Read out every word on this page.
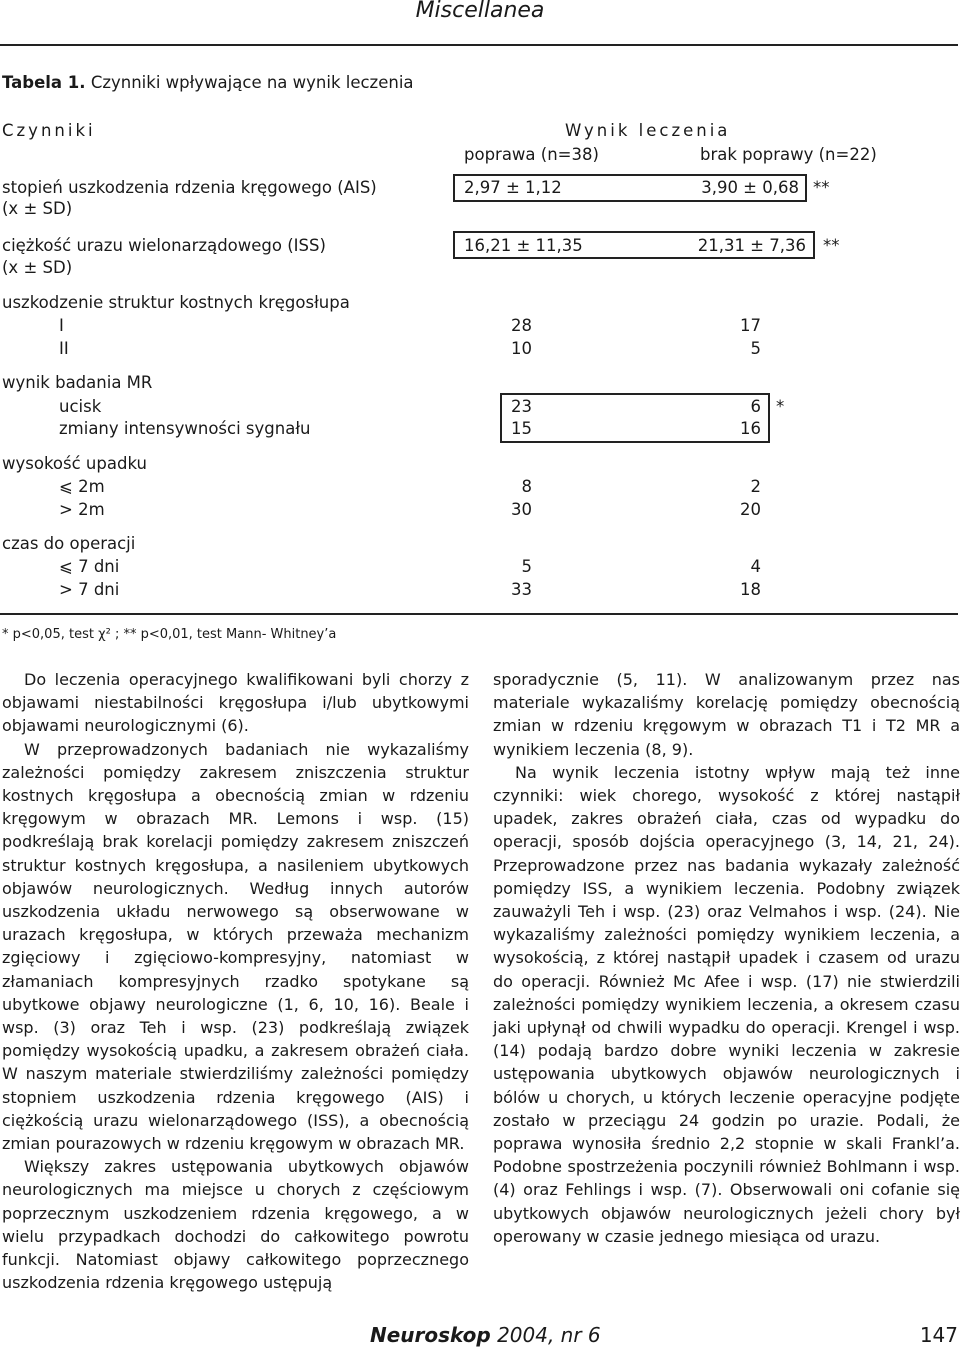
Miscellanea
Tabela 1. Czynniki wpływające na wynik leczenia
Czynniki	Wynik leczenia
poprawa (n=38)	brak poprawy (n=22)
stopień uszkodzenia rdzenia kręgowego (AIS)
(x ± SD)
2,97 ± 1,12	3,90 ± 0,68 **
ciężkość urazu wielonarządowego (ISS)
(x ± SD)
16,21 ± 11,35	21,31 ± 7,36 **
uszkodzenie struktur kostnych kręgosłupa
I	28	17
II	10	5
wynik badania MR
ucisk	23	6 *
zmiany intensywności sygnału	15	16
wysokość upadku
⩽ 2m	8	2
> 2m	30	20
czas do operacji
⩽ 7 dni	5	4
> 7 dni	33	18
* p<0,05, test χ² ; ** p<0,01, test Mann- Whitney’a

Do leczenia operacyjnego kwalifikowani byli chorzy z objawami niestabilności kręgosłupa i/lub ubytkowymi objawami neurologicznymi (6).

W przeprowadzonych badaniach nie wykazaliśmy zależności pomiędzy zakresem zniszczenia struktur kostnych kręgosłupa a obecnością zmian w rdzeniu kręgowym w obrazach MR. Lemons i wsp. (15) podkreślają brak korelacji pomiędzy zakresem zniszczeń struktur kostnych kręgosłupa, a nasileniem ubytkowych objawów neurologicznych. Według innych autorów uszkodzenia układu nerwowego są obserwowane w urazach kręgosłupa, w których przeważa mechanizm zgięciowy i zgięciowo-kompresyjny, natomiast w złamaniach kompresyjnych rzadko spotykane są ubytkowe objawy neurologiczne (1, 6, 10, 16). Beale i wsp. (3) oraz Teh i wsp. (23) podkreślają związek pomiędzy wysokością upadku, a zakresem obrażeń ciała. W naszym materiale stwierdziliśmy zależności pomiędzy stopniem uszkodzenia rdzenia kręgowego (AIS) i ciężkością urazu wielonarządowego (ISS), a obecnością zmian pourazowych w rdzeniu kręgowym w obrazach MR.

Większy zakres ustępowania ubytkowych objawów neurologicznych ma miejsce u chorych z częściowym poprzecznym uszkodzeniem rdzenia kręgowego, a w wielu przypadkach dochodzi do całkowitego powrotu funkcji. Natomiast objawy całkowitego poprzecznego uszkodzenia rdzenia kręgowego ustępują

sporadycznie (5, 11). W analizowanym przez nas materiale wykazaliśmy korelację pomiędzy obecnością zmian w rdzeniu kręgowym w obrazach T1 i T2 MR a wynikiem leczenia (8, 9).

Na wynik leczenia istotny wpływ mają też inne czynniki: wiek chorego, wysokość z której nastąpił upadek, zakres obrażeń ciała, czas od wypadku do operacji, sposób dojścia operacyjnego (3, 14, 21, 24). Przeprowadzone przez nas badania wykazały zależność pomiędzy ISS, a wynikiem leczenia. Podobny związek zauważyli Teh i wsp. (23) oraz Velmahos i wsp. (24). Nie wykazaliśmy zależności pomiędzy wynikiem leczenia, a wysokością, z której nastąpił upadek i czasem od urazu do operacji. Również Mc Afee i wsp. (17) nie stwierdzili zależności pomiędzy wynikiem leczenia, a okresem czasu jaki upłynął od chwili wypadku do operacji. Krengel i wsp. (14) podają bardzo dobre wyniki leczenia w zakresie ustępowania ubytkowych objawów neurologicznych i bólów u chorych, u których leczenie operacyjne podjęte zostało w przeciągu 24 godzin po urazie. Podali, że poprawa wynosiła średnio 2,2 stopnie w skali Frankl’a. Podobne spostrzeżenia poczynili również Bohlmann i wsp. (4) oraz Fehlings i wsp. (7). Obserwowali oni cofanie się ubytkowych objawów neurologicznych jeżeli chory był operowany w czasie jednego miesiąca od urazu.

Neuroskop 2004, nr 6	147
